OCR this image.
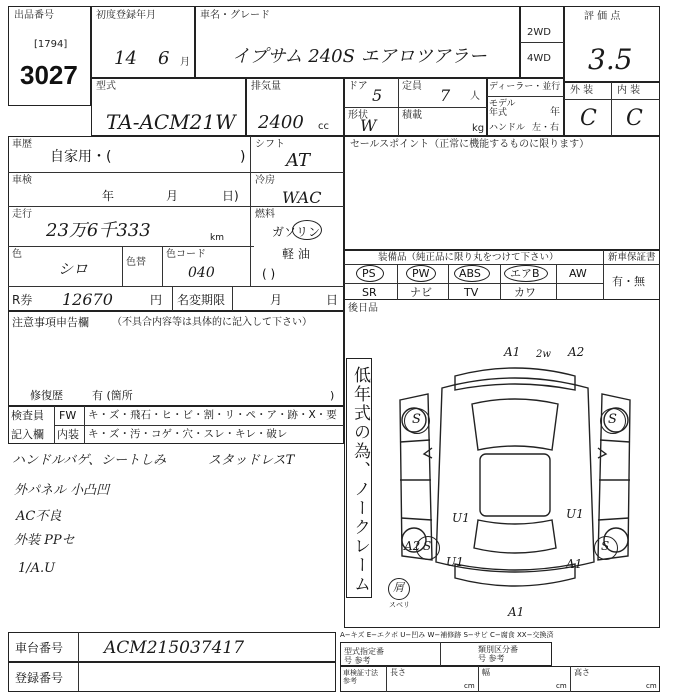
出品番号
[1794]
3027
初度登録年月
14 6 月
車名・グレード
イプサム 240S エアロツアラー
2WD
4WD
評 価 点
3.5
型式
TA-ACM21W
排気量
2400 cc
ドア 5 定員 7 人
形状
W
積載
kg
ディーラー・並行
モデル 年式	年
ハンドル 左・右
外 装 内 装
C C
車歴
自家用・(	)
シフト
AT
車検
年	月	日)
冷房
WAC
走行
23万6千333	km
燃料
ガソリン
軽 油
( )
色
シロ	色替
色コード
040
R券 12670	円 名変期限	月	日
セールスポイント（正常に機能するものに限ります）
装備品（純正品に限り丸をつけて下さい）	新車保証書
有・無
PS	PW	ABS	エアB	AW
SR	ナビ	TV	カワ
後日品
注意事項申告欄 （不具合内容等は具体的に記入して下さい）
修復歴	有 (箇所	)
検査員
記入欄
FW キ・ズ・飛石・ヒ・ビ・割・リ・ペ・ア・跡・X・要
内装 キ・ズ・汚・コゲ・穴・スレ・キレ・破レ
ハンドルバゲ、シートしみ	スタッドレスT
外パネル 小凸凹
AC不良
外装 PPセ
1/A.U	低年式の為、ノークレーム
A1 2w A2
S	S
U1	U1
A2 S
U1	A1
S
A1
屑
スベリ
車台番号 ACM215037417
登録番号
A−キズ E−エクボ U−凹み W−補修跡 S−サビ C−腐食 XX−交換済
型式指定番号 参考
類別区分番号 参考
車検証寸法 参考
長さ
cm
幅
cm
高さ
cm
